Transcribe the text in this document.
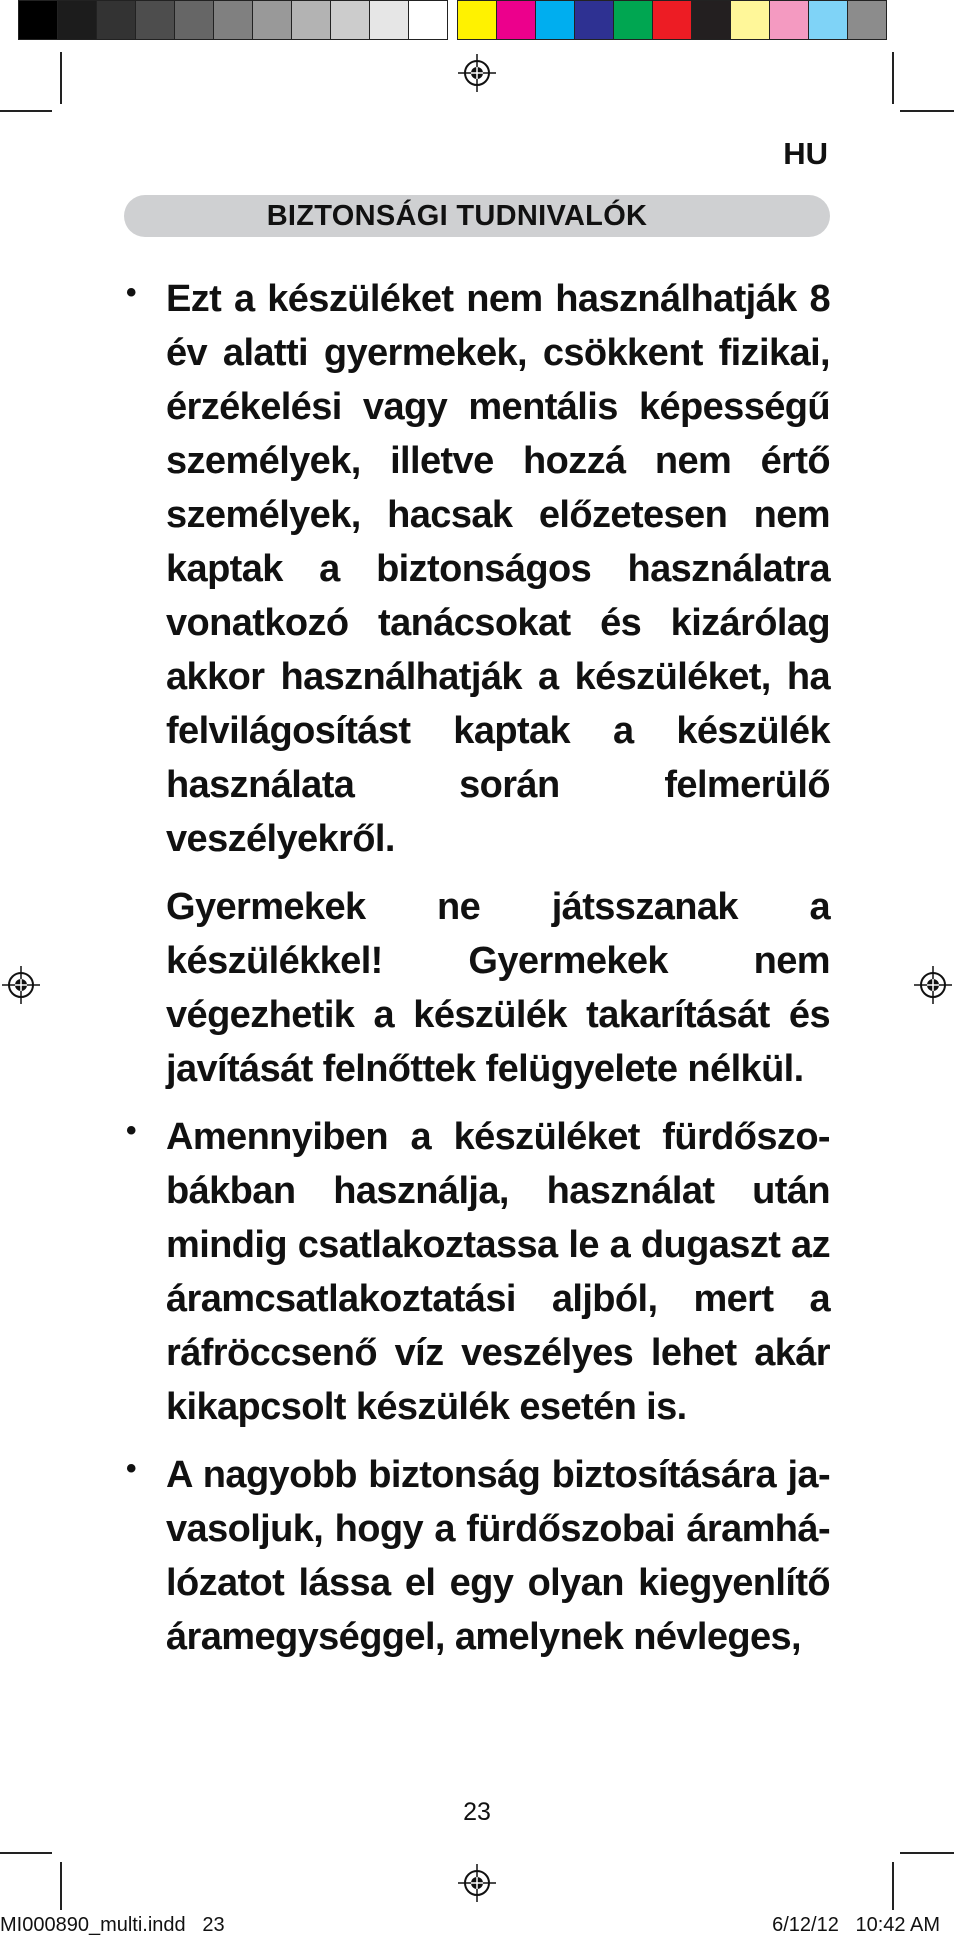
HU
BIZTONSÁGI TUDNIVALÓK
• Ezt a készüléket nem használhatják 8 év alatti gyermekek, csökkent fizikai, érzékelési vagy mentális képességű személyek, illetve hozzá nem értő személyek, hacsak előzetesen nem kaptak a biztonságos használatra vonatkozó tanácsokat és kizárólag akkor használhatják a készüléket, ha felvilágosítást kaptak a készülék használata során felmerülő veszélyekről.
Gyermekek ne játsszanak a készülékkel! Gyermekek nem végezhetik a készülék takarítását és javítását felnőttek felügyelete nélkül.
• Amennyiben a készüléket fürdőszo-bákban használja, használat után mindig csatlakoztassa le a dugaszt az áramcsatlakoztatási aljból, mert a ráfröccsenő víz veszélyes lehet akár kikapcsolt készülék esetén is.
• A nagyobb biztonság biztosítására ja-vasoljuk, hogy a fürdőszobai áramhá-lózatot lássa el egy olyan kiegyenlítő áramegységgel, amelynek névleges,
23
MI000890_multi.indd   23	6/12/12   10:42 AM
